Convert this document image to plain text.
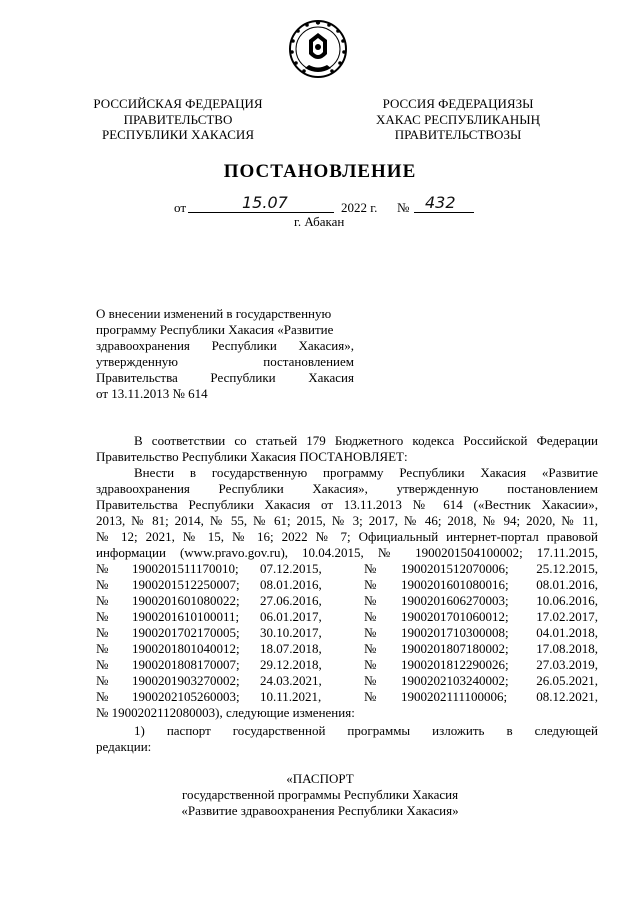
РОССИЙСКАЯ ФЕДЕРАЦИЯ
ПРАВИТЕЛЬСТВО
РЕСПУБЛИКИ ХАКАСИЯ
РОССИЯ ФЕДЕРАЦИЯЗЫ
ХАКАС РЕСПУБЛИКАНЫҢ
ПРАВИТЕЛЬСТВОЗЫ
ПОСТАНОВЛЕНИЕ
от	15.07	2022 г. № 432
г. Абакан
О внесении изменений в государственную
программу Республики Хакасия «Развитие
здравоохранения Республики Хакасия»,
утвержденную постановлением
Правительства Республики Хакасия
от 13.11.2013 № 614
В соответствии со статьей 179 Бюджетного кодекса Российской Федерации
Правительство Республики Хакасия ПОСТАНОВЛЯЕТ:
Внести в государственную программу Республики Хакасия «Развитие
здравоохранения Республики Хакасия», утвержденную постановлением
Правительства Республики Хакасия от 13.11.2013 № 614 («Вестник Хакасии»,
2013, № 81; 2014, № 55, № 61; 2015, № 3; 2017, № 46; 2018, № 94; 2020, № 11,
№ 12; 2021, № 15, № 16; 2022 № 7; Официальный интернет-портал правовой
информации (www.pravo.gov.ru), 10.04.2015, № 1900201504100002; 17.11.2015,
№ 1900201511170010; 07.12.2015,	№ 1900201512070006; 25.12.2015,
№ 1900201512250007; 08.01.2016,	№ 1900201601080016; 08.01.2016,
№ 1900201601080022; 27.06.2016,	№ 1900201606270003; 10.06.2016,
№ 1900201610100011; 06.01.2017,	№ 1900201701060012; 17.02.2017,
№ 1900201702170005; 30.10.2017,	№ 1900201710300008; 04.01.2018,
№ 1900201801040012; 18.07.2018,	№ 1900201807180002; 17.08.2018,
№ 1900201808170007; 29.12.2018,	№ 1900201812290026; 27.03.2019,
№ 1900201903270002; 24.03.2021,	№ 1900202103240002; 26.05.2021,
№ 1900202105260003; 10.11.2021,	№ 1900202111100006; 08.12.2021,
№ 1900202112080003), следующие изменения:
1) паспорт государственной программы изложить в следующей
редакции:
«ПАСПОРТ
государственной программы Республики Хакасия
«Развитие здравоохранения Республики Хакасия»
